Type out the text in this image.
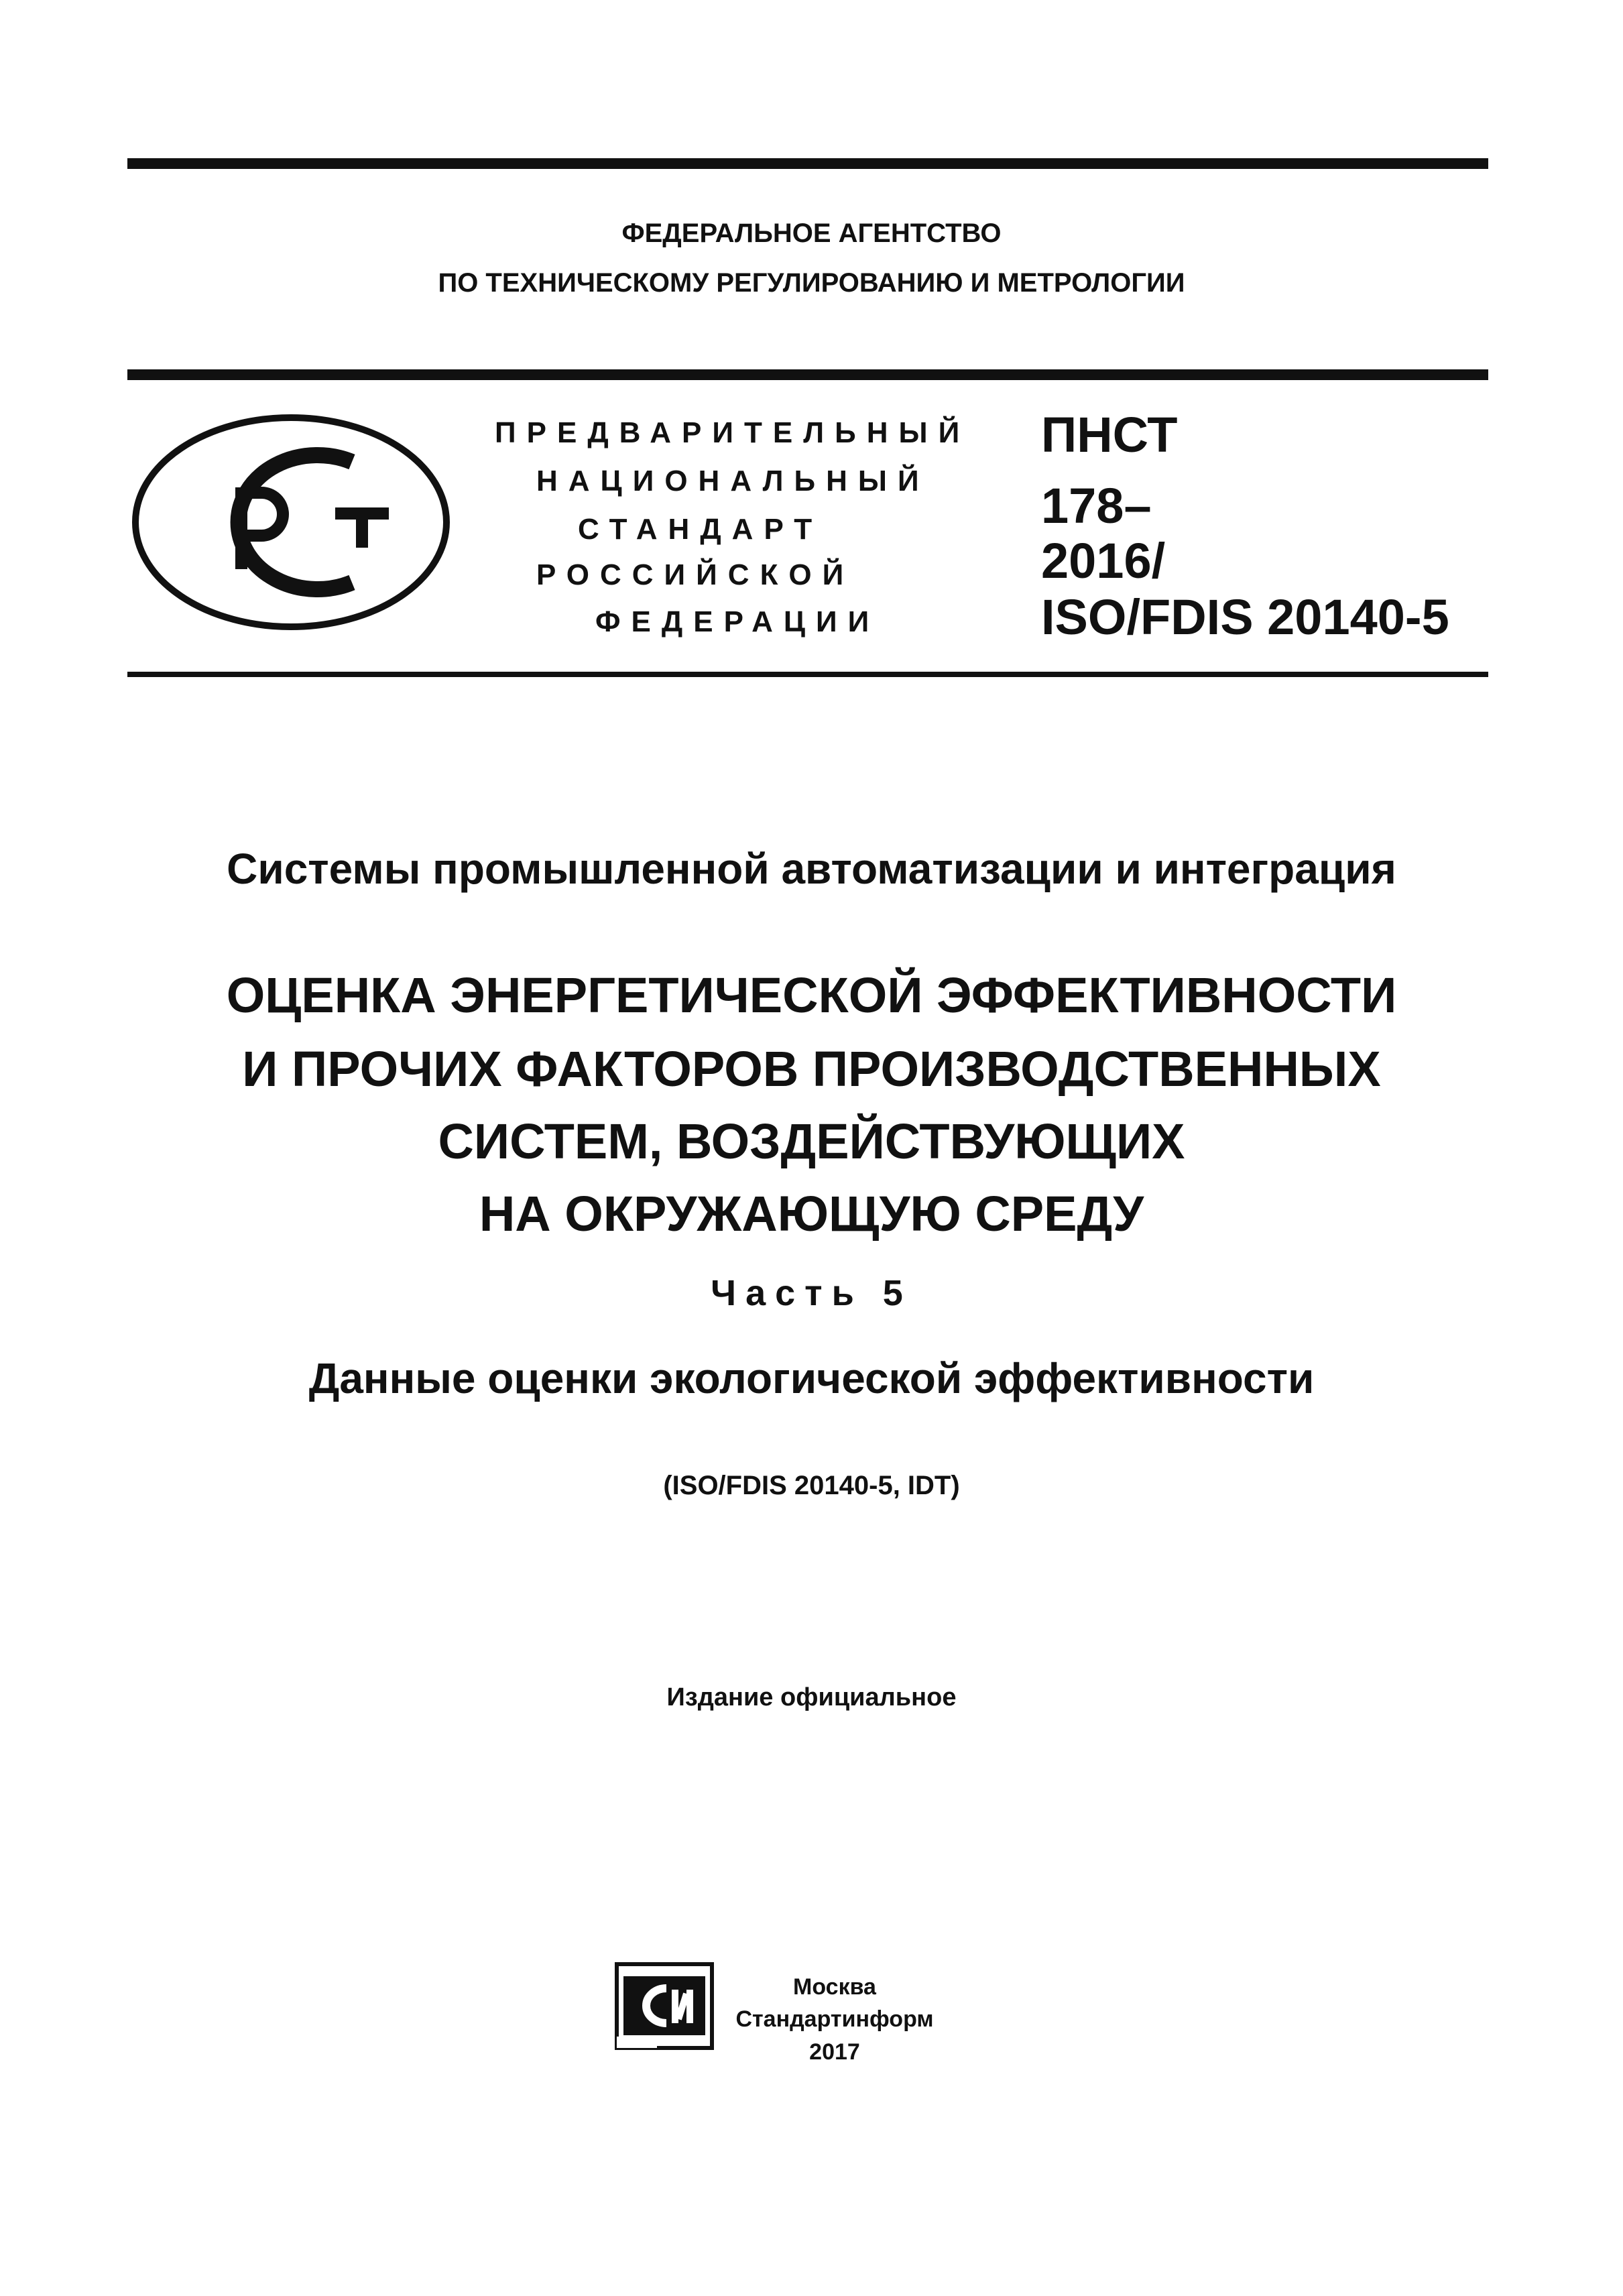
ФЕДЕРАЛЬНОЕ АГЕНТСТВО
ПО ТЕХНИЧЕСКОМУ РЕГУЛИРОВАНИЮ И МЕТРОЛОГИИ
ПРЕДВАРИТЕЛЬНЫЙ
НАЦИОНАЛЬНЫЙ
СТАНДАРТ
РОССИЙСКОЙ
ФЕДЕРАЦИИ
ПНСТ
178–
2016/
ISO/FDIS 20140-5
Системы промышленной автоматизации и интеграция
ОЦЕНКА ЭНЕРГЕТИЧЕСКОЙ ЭФФЕКТИВНОСТИ
И ПРОЧИХ ФАКТОРОВ ПРОИЗВОДСТВЕННЫХ
СИСТЕМ, ВОЗДЕЙСТВУЮЩИХ
НА ОКРУЖАЮЩУЮ СРЕДУ
Часть 5
Данные оценки экологической эффективности
(ISO/FDIS 20140-5, IDT)
Издание официальное
Москва
Стандартинформ
2017
